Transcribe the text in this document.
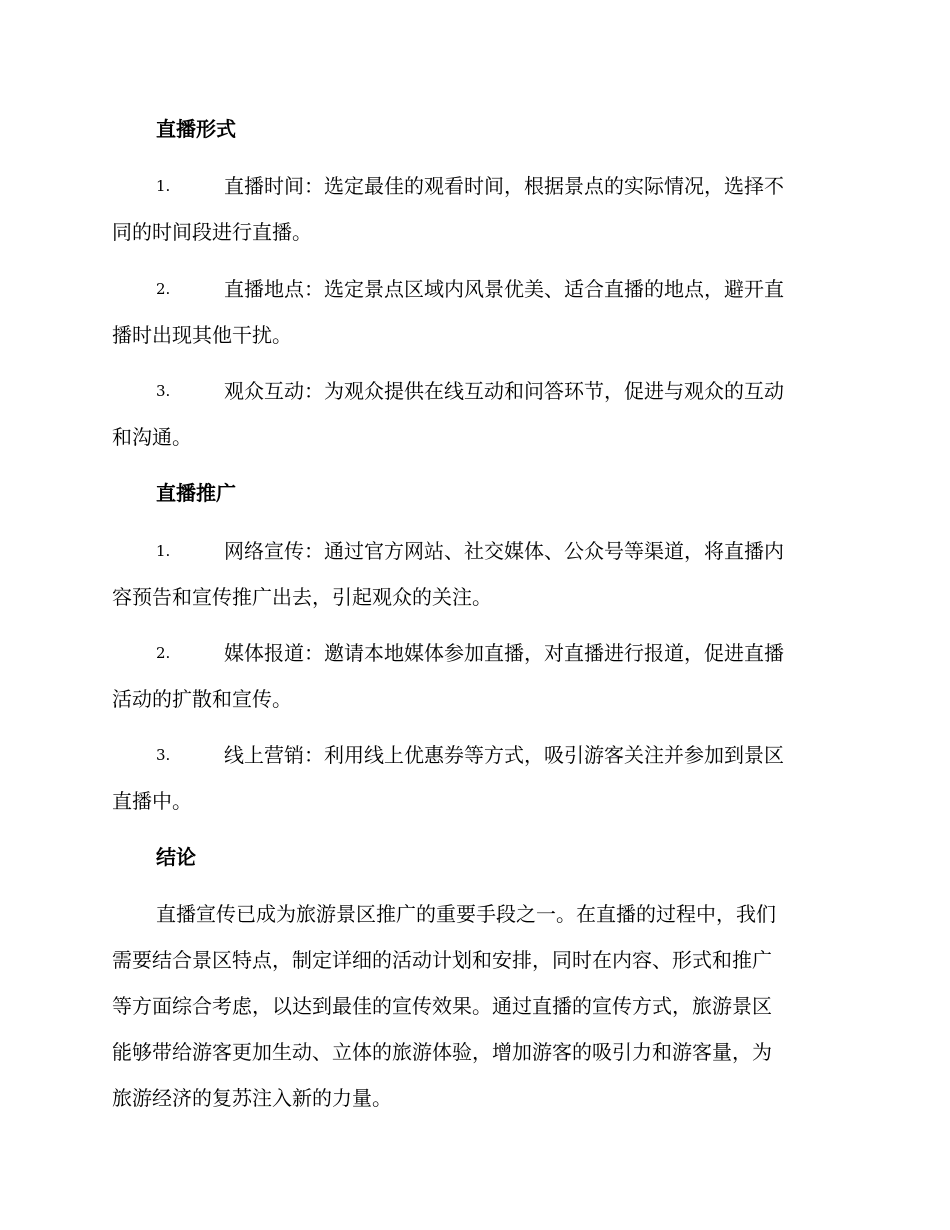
直播形式
1.	直播时间：选定最佳的观看时间，根据景点的实际情况，选择不
同的时间段进行直播。
2.	直播地点：选定景点区域内风景优美、适合直播的地点，避开直
播时出现其他干扰。
3.	观众互动：为观众提供在线互动和问答环节，促进与观众的互动
和沟通。
直播推广
1.	网络宣传：通过官方网站、社交媒体、公众号等渠道，将直播内
容预告和宣传推广出去，引起观众的关注。
2.	媒体报道：邀请本地媒体参加直播，对直播进行报道，促进直播
活动的扩散和宣传。
3.	线上营销：利用线上优惠券等方式，吸引游客关注并参加到景区
直播中。
结论
直播宣传已成为旅游景区推广的重要手段之一。在直播的过程中，我们
需要结合景区特点，制定详细的活动计划和安排，同时在内容、形式和推广
等方面综合考虑，以达到最佳的宣传效果。通过直播的宣传方式，旅游景区
能够带给游客更加生动、立体的旅游体验，增加游客的吸引力和游客量，为
旅游经济的复苏注入新的力量。
